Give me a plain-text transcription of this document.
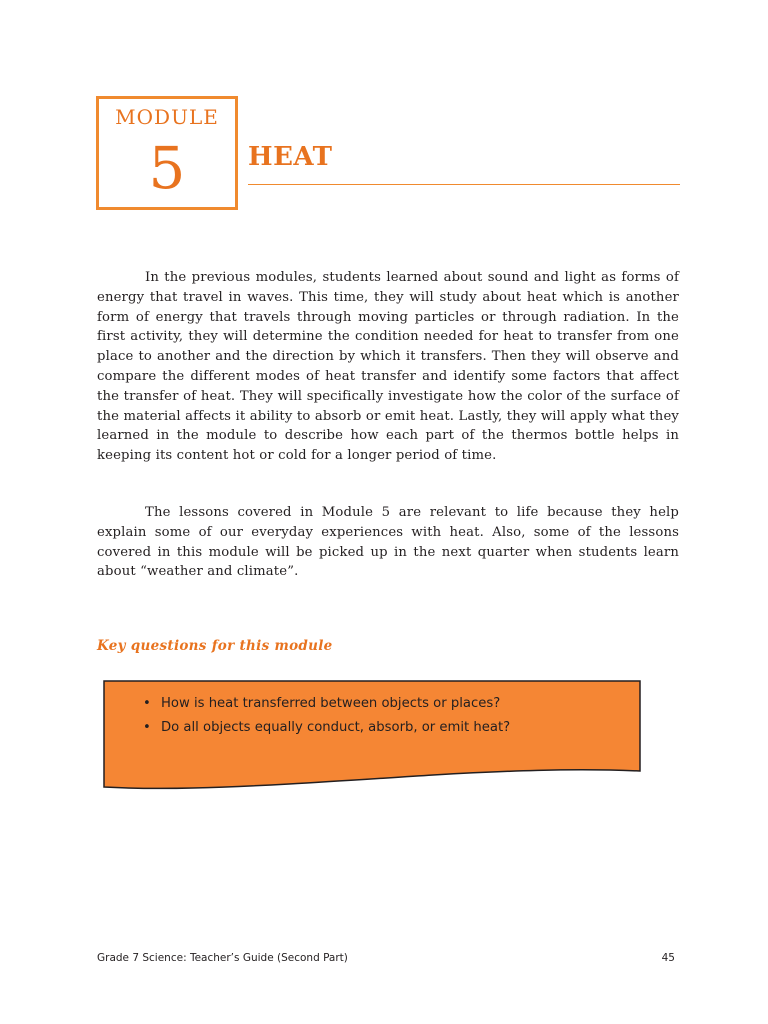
MODULE
5	HEAT

In the previous modules, students learned about sound and light as forms of energy that travel in waves. This time, they will study about heat which is another form of energy that travels through moving particles or through radiation. In the first activity, they will determine the condition needed for heat to transfer from one place to another and the direction by which it transfers. Then they will observe and compare the different modes of heat transfer and identify some factors that affect the transfer of heat. They will specifically investigate how the color of the surface of the material affects it ability to absorb or emit heat. Lastly, they will apply what they learned in the module to describe how each part of the thermos bottle helps in keeping its content hot or cold for a longer period of time.

The lessons covered in Module 5 are relevant to life because they help explain some of our everyday experiences with heat. Also, some of the lessons covered in this module will be picked up in the next quarter when students learn about “weather and climate”.

Key questions for this module
• How is heat transferred between objects or places?
• Do all objects equally conduct, absorb, or emit heat?
Grade 7 Science: Teacher’s Guide (Second Part)	45
